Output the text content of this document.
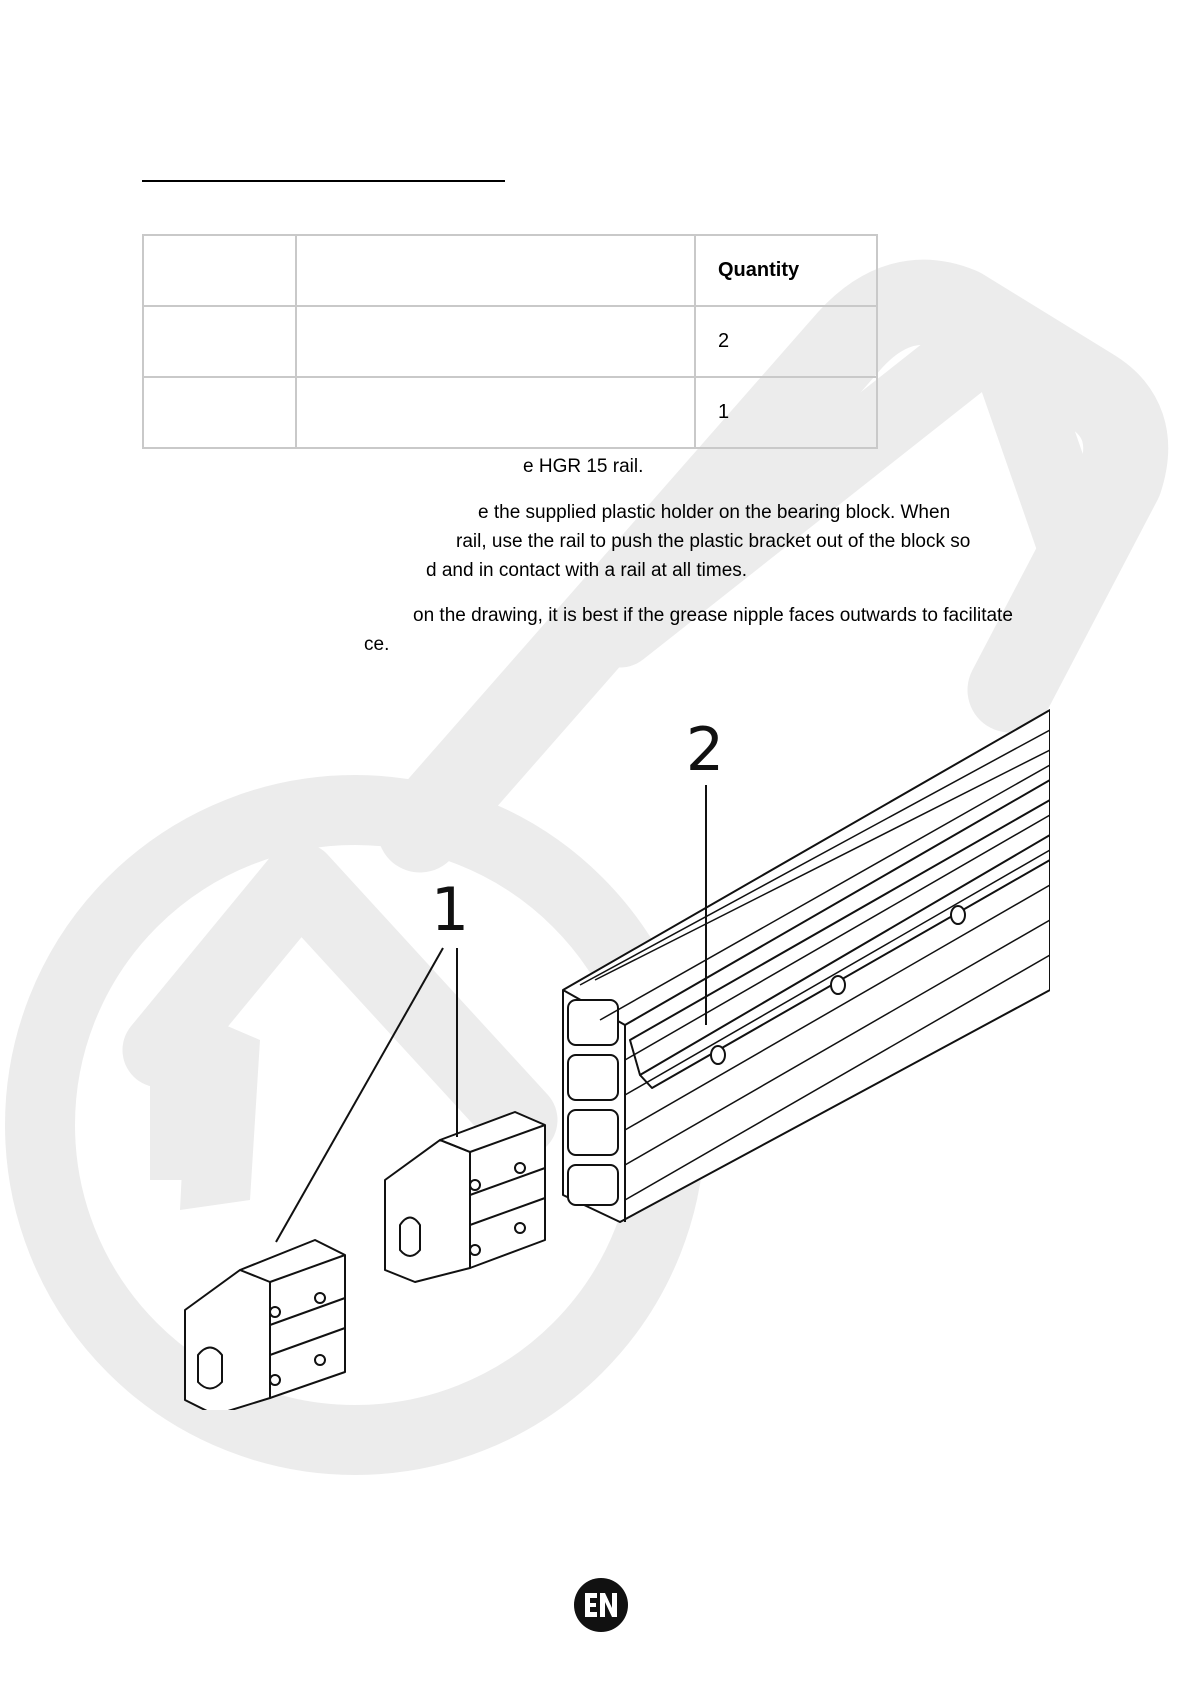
		Quantity
		2
		1
e HGR 15 rail.
e the supplied plastic holder on the bearing block. When
rail, use the rail to push the plastic bracket out of the block so
d and in contact with a rail at all times.
on the drawing, it is best if the grease nipple faces outwards to facilitate
ce.
1
2
